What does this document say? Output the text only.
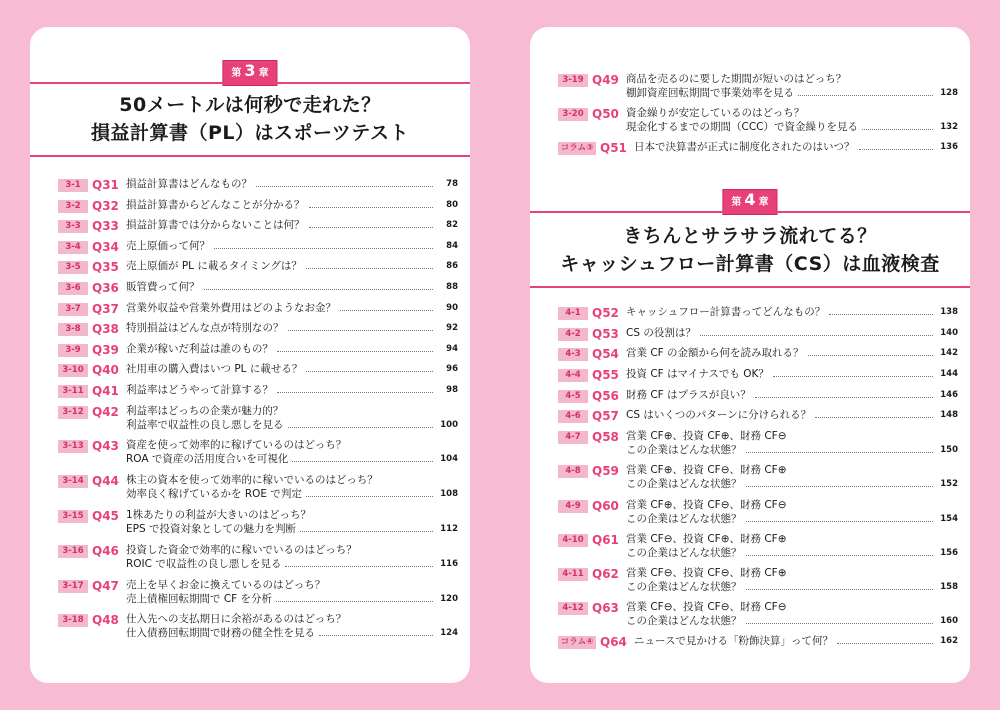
第 3 章
50メートルは何秒で走れた？
損益計算書（PL）はスポーツテスト
3-1 Q31 損益計算書はどんなもの？	78
3-2 Q32 損益計算書からどんなことが分かる？	80
3-3 Q33 損益計算書では分からないことは何？	82
3-4 Q34 売上原価って何？	84
3-5 Q35 売上原価が PL に載るタイミングは？	86
3-6 Q36 販管費って何？	88
3-7 Q37 営業外収益や営業外費用はどのようなお金？	90
3-8 Q38 特別損益はどんな点が特別なの？	92
3-9 Q39 企業が稼いだ利益は誰のもの？	94
3-10 Q40 社用車の購入費はいつ PL に載せる？	96
3-11 Q41 利益率はどうやって計算する？	98
3-12 Q42 利益率はどっちの企業が魅力的？
利益率で収益性の良し悪しを見る	100
3-13 Q43 資産を使って効率的に稼げているのはどっち？
ROA で資産の活用度合いを可視化	104
3-14 Q44 株主の資本を使って効率的に稼いでいるのはどっち？
効率良く稼げているかを ROE で判定	108
3-15 Q45 1株あたりの利益が大きいのはどっち？
EPS で投資対象としての魅力を判断	112
3-16 Q46 投資した資金で効率的に稼いでいるのはどっち？
ROIC で収益性の良し悪しを見る	116
3-17 Q47 売上を早くお金に換えているのはどっち？
売上債権回転期間で CF を分析	120
3-18 Q48 仕入先への支払期日に余裕があるのはどっち？
仕入債務回転期間で財務の健全性を見る	124
3-19 Q49 商品を売るのに要した期間が短いのはどっち？
棚卸資産回転期間で事業効率を見る	128
3-20 Q50 資金繰りが安定しているのはどっち？
現金化するまでの期間（CCC）で資金繰りを見る	132
コラム③ Q51 日本で決算書が正式に制度化されたのはいつ？	136
第 4 章
きちんとサラサラ流れてる？
キャッシュフロー計算書（CS）は血液検査
4-1 Q52 キャッシュフロー計算書ってどんなもの？	138
4-2 Q53 CS の役割は？	140
4-3 Q54 営業 CF の金額から何を読み取れる？	142
4-4 Q55 投資 CF はマイナスでも OK？	144
4-5 Q56 財務 CF はプラスが良い？	146
4-6 Q57 CS はいくつのパターンに分けられる？	148
4-7 Q58 営業 CF⊕、投資 CF⊕、財務 CF⊖
この企業はどんな状態？	150
4-8 Q59 営業 CF⊕、投資 CF⊖、財務 CF⊕
この企業はどんな状態？	152
4-9 Q60 営業 CF⊕、投資 CF⊖、財務 CF⊖
この企業はどんな状態？	154
4-10 Q61 営業 CF⊖、投資 CF⊕、財務 CF⊕
この企業はどんな状態？	156
4-11 Q62 営業 CF⊖、投資 CF⊖、財務 CF⊕
この企業はどんな状態？	158
4-12 Q63 営業 CF⊖、投資 CF⊖、財務 CF⊖
この企業はどんな状態？	160
コラム④ Q64 ニュースで見かける「粉飾決算」って何？	162
